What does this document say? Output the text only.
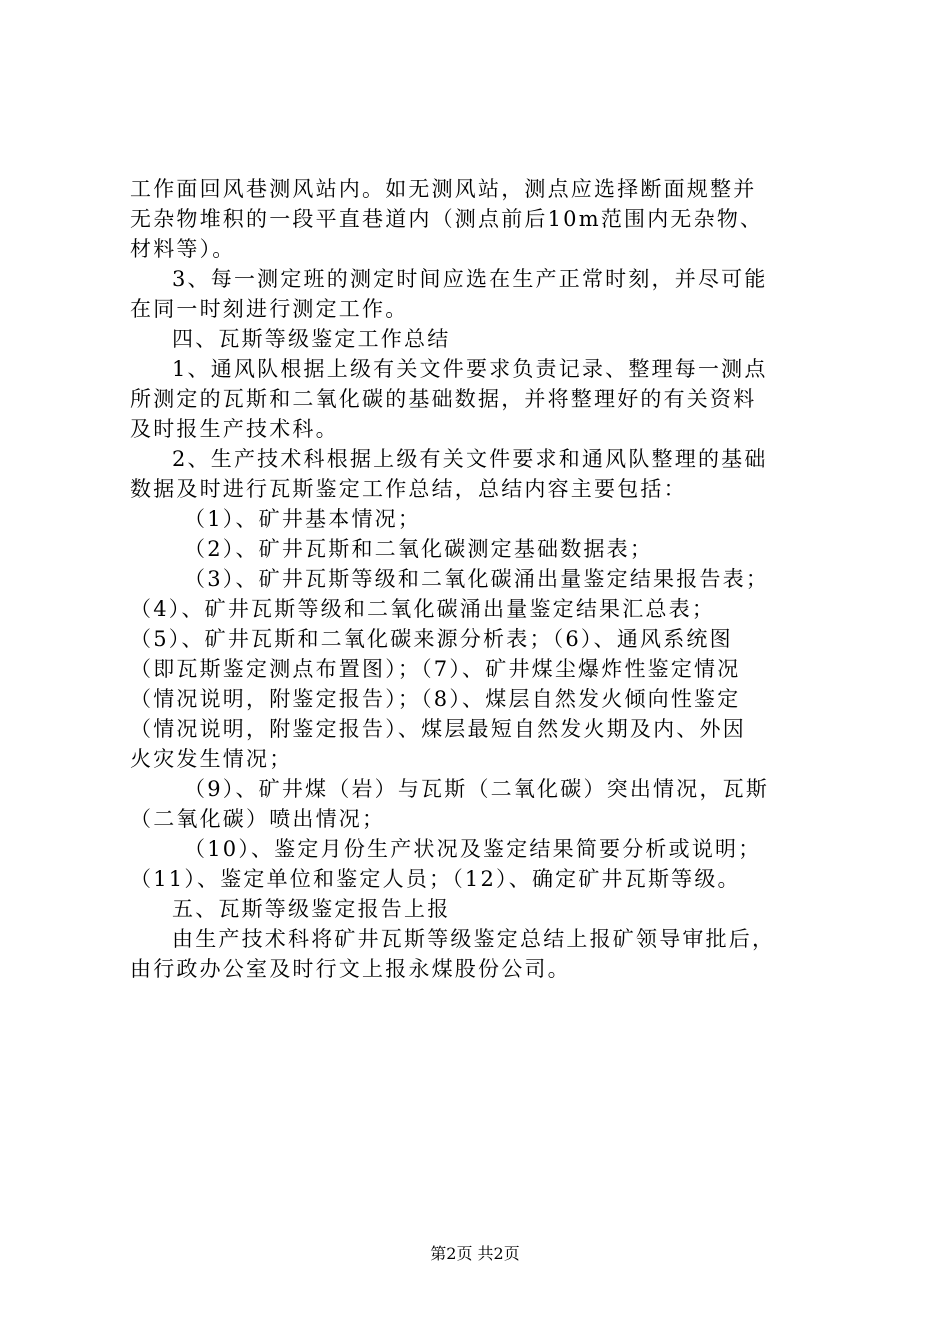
工作面回风巷测风站内。如无测风站，测点应选择断面规整并
无杂物堆积的一段平直巷道内（测点前后10m范围内无杂物、
材料等）。
3、每一测定班的测定时间应选在生产正常时刻，并尽可能
在同一时刻进行测定工作。
四、瓦斯等级鉴定工作总结
1、通风队根据上级有关文件要求负责记录、整理每一测点
所测定的瓦斯和二氧化碳的基础数据，并将整理好的有关资料
及时报生产技术科。
2、生产技术科根据上级有关文件要求和通风队整理的基础
数据及时进行瓦斯鉴定工作总结，总结内容主要包括：
（1）、矿井基本情况；
（2）、矿井瓦斯和二氧化碳测定基础数据表；
（3）、矿井瓦斯等级和二氧化碳涌出量鉴定结果报告表；
（4）、矿井瓦斯等级和二氧化碳涌出量鉴定结果汇总表；
（5）、矿井瓦斯和二氧化碳来源分析表；（6）、通风系统图
（即瓦斯鉴定测点布置图）；（7）、矿井煤尘爆炸性鉴定情况
（情况说明，附鉴定报告）；（8）、煤层自然发火倾向性鉴定
（情况说明，附鉴定报告）、煤层最短自然发火期及内、外因
火灾发生情况；
（9）、矿井煤（岩）与瓦斯（二氧化碳）突出情况，瓦斯
（二氧化碳）喷出情况；
（10）、鉴定月份生产状况及鉴定结果简要分析或说明；
（11）、鉴定单位和鉴定人员；（12）、确定矿井瓦斯等级。
五、瓦斯等级鉴定报告上报
由生产技术科将矿井瓦斯等级鉴定总结上报矿领导审批后，
由行政办公室及时行文上报永煤股份公司。
第2页 共2页
